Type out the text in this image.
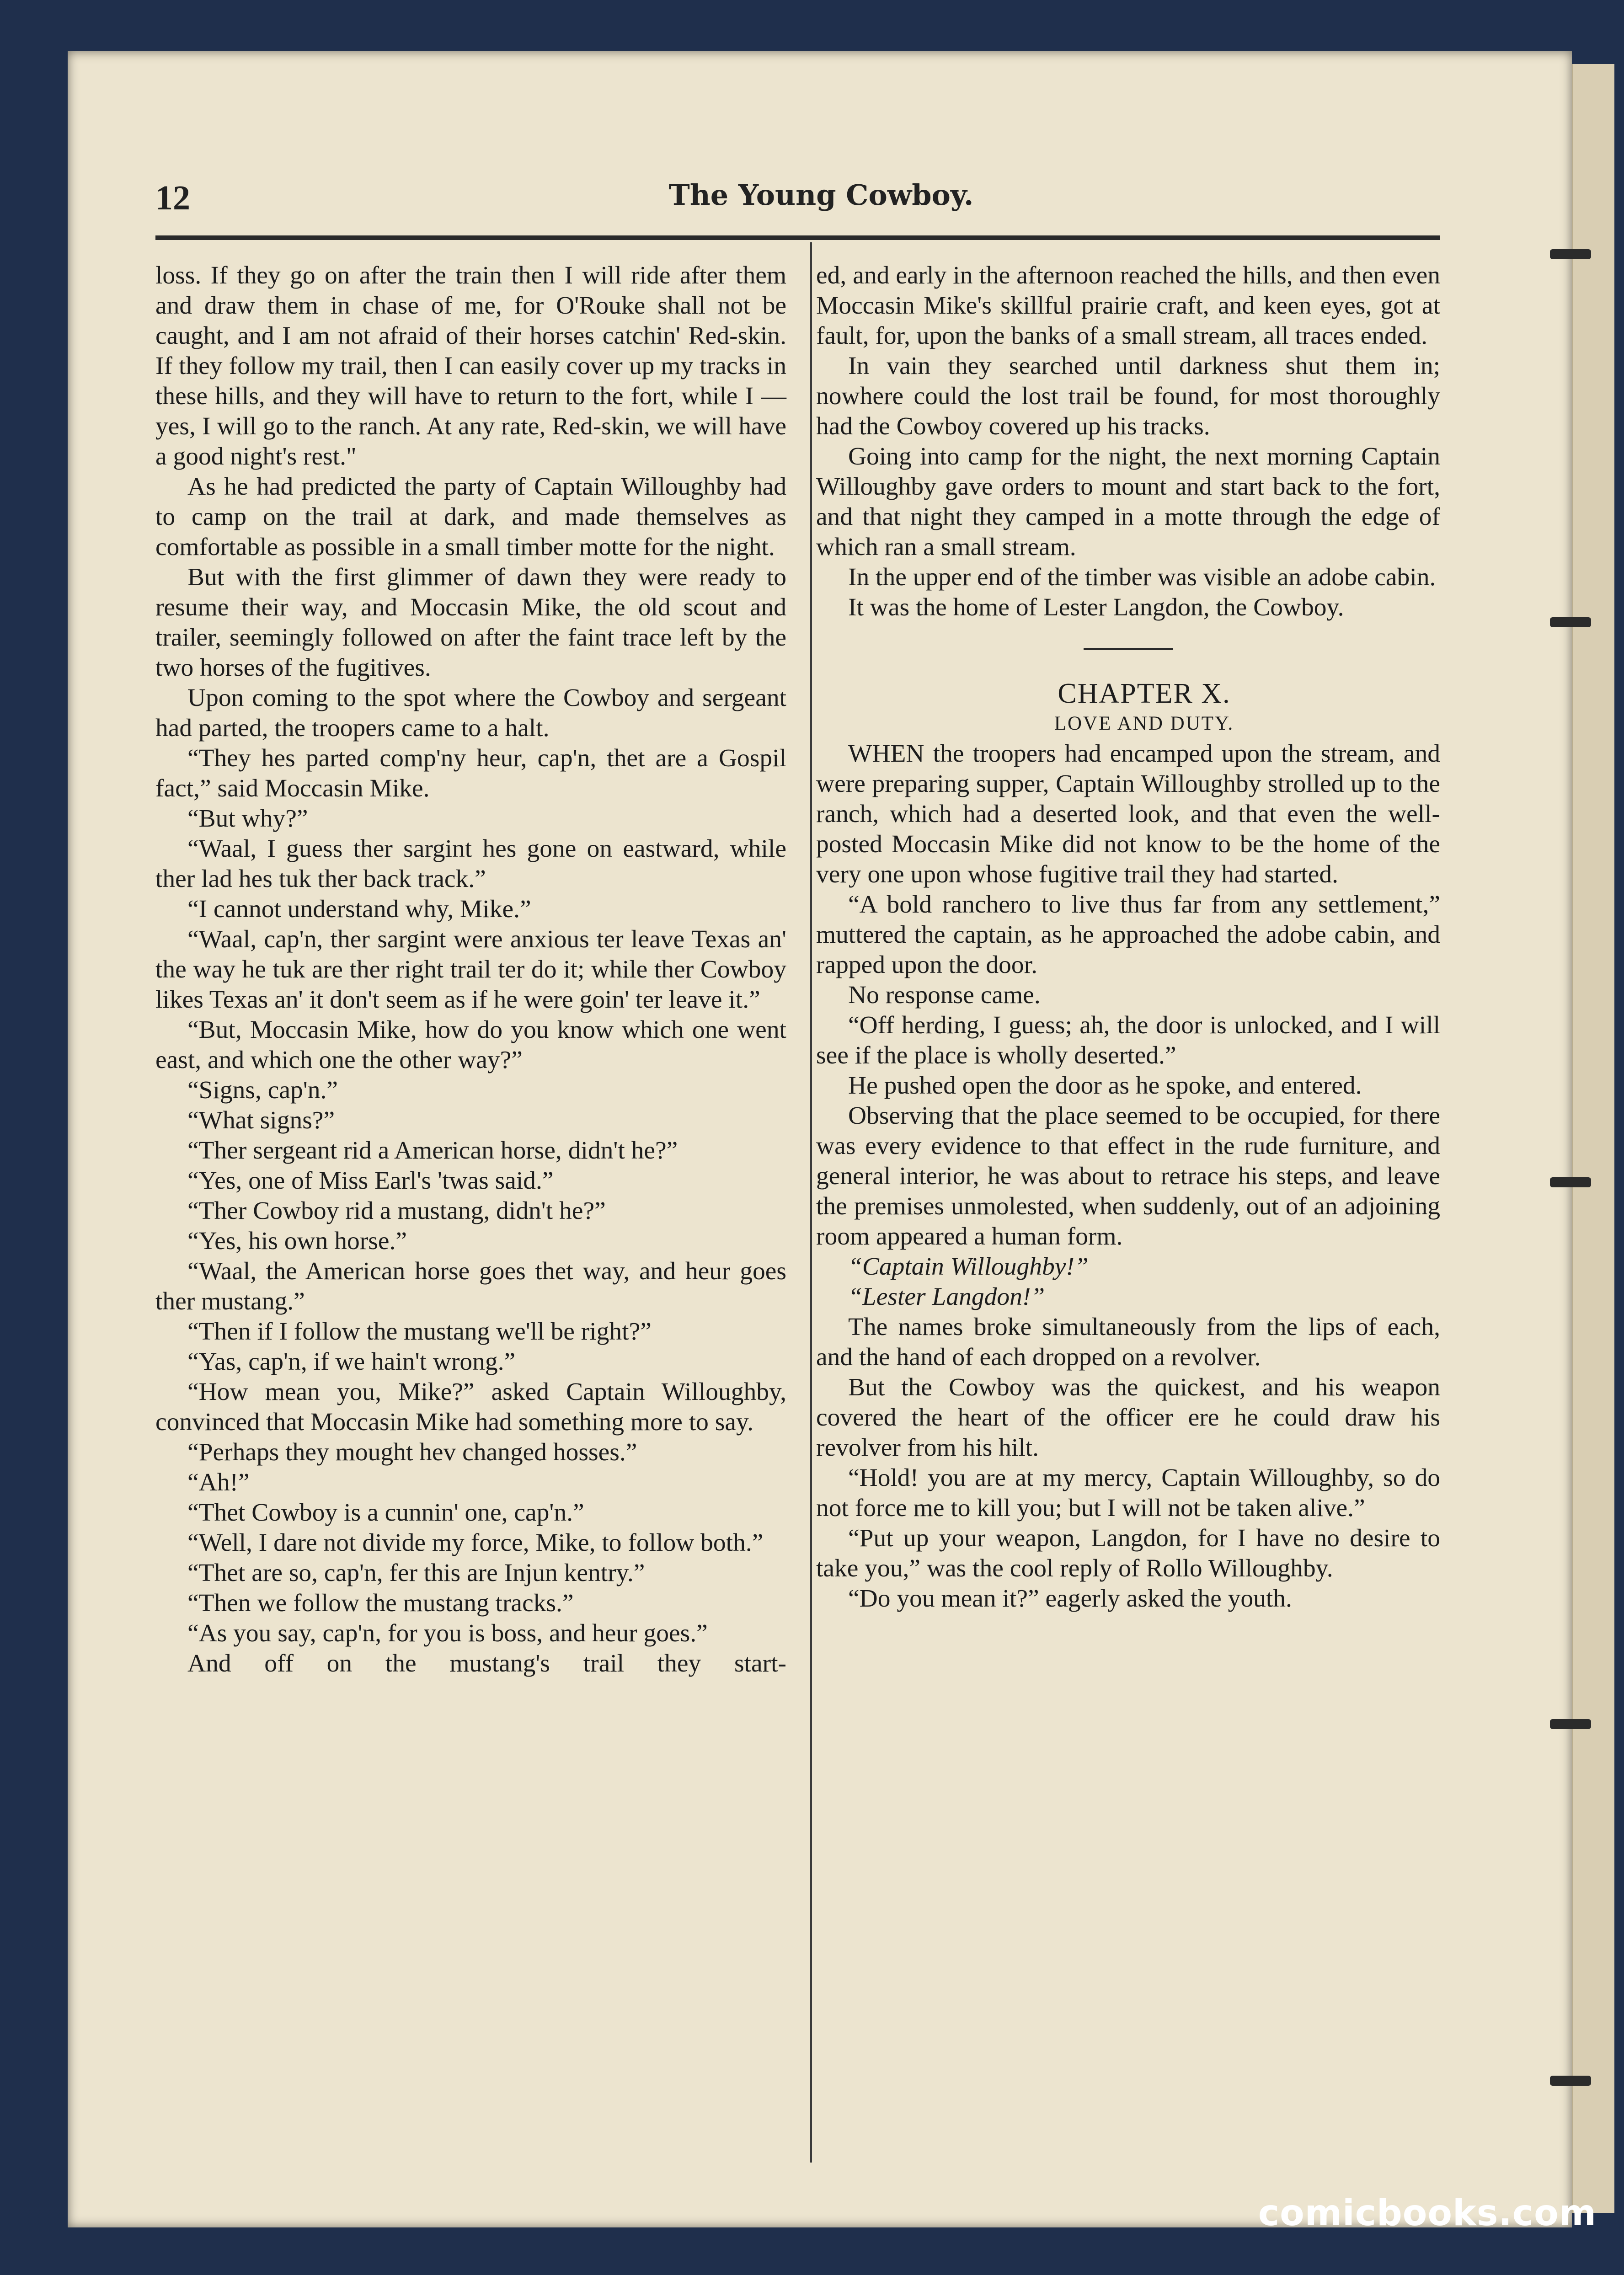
12	The Young Cowboy.

loss. If they go on after the train then I will ride after them and draw them in chase of me, for O'Rouke shall not be caught, and I am not afraid of their horses catchin' Red-skin. If they follow my trail, then I can easily cover up my tracks in these hills, and they will have to return to the fort, while I —yes, I will go to the ranch. At any rate, Red-skin, we will have a good night's rest."

As he had predicted the party of Captain Willoughby had to camp on the trail at dark, and made themselves as comfortable as possible in a small timber motte for the night.

But with the first glimmer of dawn they were ready to resume their way, and Moccasin Mike, the old scout and trailer, seemingly followed on after the faint trace left by the two horses of the fugitives.

Upon coming to the spot where the Cowboy and sergeant had parted, the troopers came to a halt.

“They hes parted comp'ny heur, cap'n, thet are a Gospil fact,” said Moccasin Mike.

“But why?”

“Waal, I guess ther sargint hes gone on eastward, while ther lad hes tuk ther back track.”

“I cannot understand why, Mike.”

“Waal, cap'n, ther sargint were anxious ter leave Texas an' the way he tuk are ther right trail ter do it; while ther Cowboy likes Texas an' it don't seem as if he were goin' ter leave it.”

“But, Moccasin Mike, how do you know which one went east, and which one the other way?”

“Signs, cap'n.”

“What signs?”

“Ther sergeant rid a American horse, didn't he?”

“Yes, one of Miss Earl's 'twas said.”

“Ther Cowboy rid a mustang, didn't he?”

“Yes, his own horse.”

“Waal, the American horse goes thet way, and heur goes ther mustang.”

“Then if I follow the mustang we'll be right?”

“Yas, cap'n, if we hain't wrong.”

“How mean you, Mike?” asked Captain Willoughby, convinced that Moccasin Mike had something more to say.

“Perhaps they mought hev changed hosses.”

“Ah!”

“Thet Cowboy is a cunnin' one, cap'n.”

“Well, I dare not divide my force, Mike, to follow both.”

“Thet are so, cap'n, fer this are Injun kentry.”

“Then we follow the mustang tracks.”

“As you say, cap'n, for you is boss, and heur goes.”

And off on the mustang's trail they start-

ed, and early in the afternoon reached the hills, and then even Moccasin Mike's skillful prairie craft, and keen eyes, got at fault, for, upon the banks of a small stream, all traces ended.

In vain they searched until darkness shut them in; nowhere could the lost trail be found, for most thoroughly had the Cowboy covered up his tracks.

Going into camp for the night, the next morning Captain Willoughby gave orders to mount and start back to the fort, and that night they camped in a motte through the edge of which ran a small stream.

In the upper end of the timber was visible an adobe cabin.

It was the home of Lester Langdon, the Cowboy.

CHAPTER X.

LOVE AND DUTY.

WHEN the troopers had encamped upon the stream, and were preparing supper, Captain Willoughby strolled up to the ranch, which had a deserted look, and that even the well-posted Moccasin Mike did not know to be the home of the very one upon whose fugitive trail they had started.

“A bold ranchero to live thus far from any settlement,” muttered the captain, as he approached the adobe cabin, and rapped upon the door.

No response came.

“Off herding, I guess; ah, the door is unlocked, and I will see if the place is wholly deserted.”

He pushed open the door as he spoke, and entered.

Observing that the place seemed to be occupied, for there was every evidence to that effect in the rude furniture, and general interior, he was about to retrace his steps, and leave the premises unmolested, when suddenly, out of an adjoining room appeared a human form.

“Captain Willoughby!”

“Lester Langdon!”

The names broke simultaneously from the lips of each, and the hand of each dropped on a revolver.

But the Cowboy was the quickest, and his weapon covered the heart of the officer ere he could draw his revolver from his hilt.

“Hold! you are at my mercy, Captain Willoughby, so do not force me to kill you; but I will not be taken alive.”

“Put up your weapon, Langdon, for I have no desire to take you,” was the cool reply of Rollo Willoughby.

“Do you mean it?” eagerly asked the youth.

comicbooks.com
